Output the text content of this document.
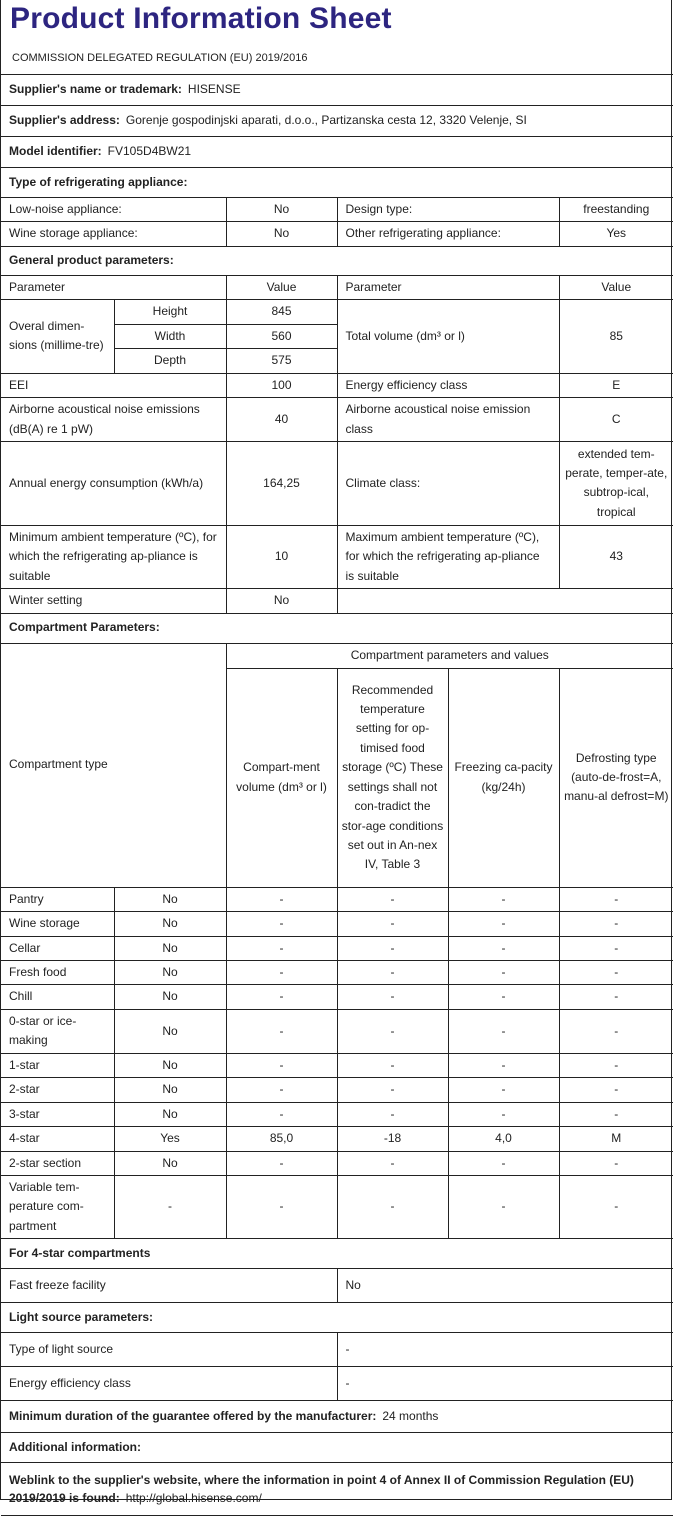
Product Information Sheet
COMMISSION DELEGATED REGULATION (EU) 2019/2016
Supplier's name or trademark: HISENSE					
Supplier's address: Gorenje gospodinjski aparati, d.o.o., Partizanska cesta 12, 3320 Velenje, SI					
Model identifier: FV105D4BW21					
Type of refrigerating appliance:					
Low-noise appliance:		No	Design type:		freestanding
Wine storage appliance:		No	Other refrigerating appliance:		Yes
General product parameters:					
Parameter		Value	Parameter		Value
Overal dimen-sions (millime-tre)	Height	845	Total volume (dm³ or l)		85
	Width	560			
	Depth	575			
EEI		100	Energy efficiency class		E
Airborne acoustical noise emissions (dB(A) re 1 pW)		40	Airborne acoustical noise emission class		C
Annual energy consumption (kWh/a)		164,25	Climate class:		extended tem-perate, temper-ate, subtrop-ical, tropical
Minimum ambient temperature (ºC), for which the refrigerating ap-pliance is suitable		10	Maximum ambient temperature (ºC), for which the refrigerating ap-pliance is suitable		43
Winter setting		No			
Compartment Parameters:					
Compartment type		Compartment parameters and values			
		Compart-ment volume (dm³ or l)	Recommended temperature setting for op-timised food storage (ºC) These settings shall not con-tradict the stor-age conditions set out in An-nex IV, Table 3	Freezing ca-pacity (kg/24h)	Defrosting type (auto-de-frost=A, manu-al defrost=M)
Pantry	No	-	-	-	-
Wine storage	No	-	-	-	-
Cellar	No	-	-	-	-
Fresh food	No	-	-	-	-
Chill	No	-	-	-	-
0-star or ice-making	No	-	-	-	-
1-star	No	-	-	-	-
2-star	No	-	-	-	-
3-star	No	-	-	-	-
4-star	Yes	85,0	-18	4,0	M
2-star section	No	-	-	-	-
Variable tem-perature com-partment	-	-	-	-	-
For 4-star compartments					
Fast freeze facility			No		
Light source parameters:					
Type of light source			-		
Energy efficiency class			-		
Minimum duration of the guarantee offered by the manufacturer: 24 months					
Additional information:					
Weblink to the supplier's website, where the information in point 4 of Annex II of Commission Regulation (EU) 2019/2019 is found: http://global.hisense.com/					
